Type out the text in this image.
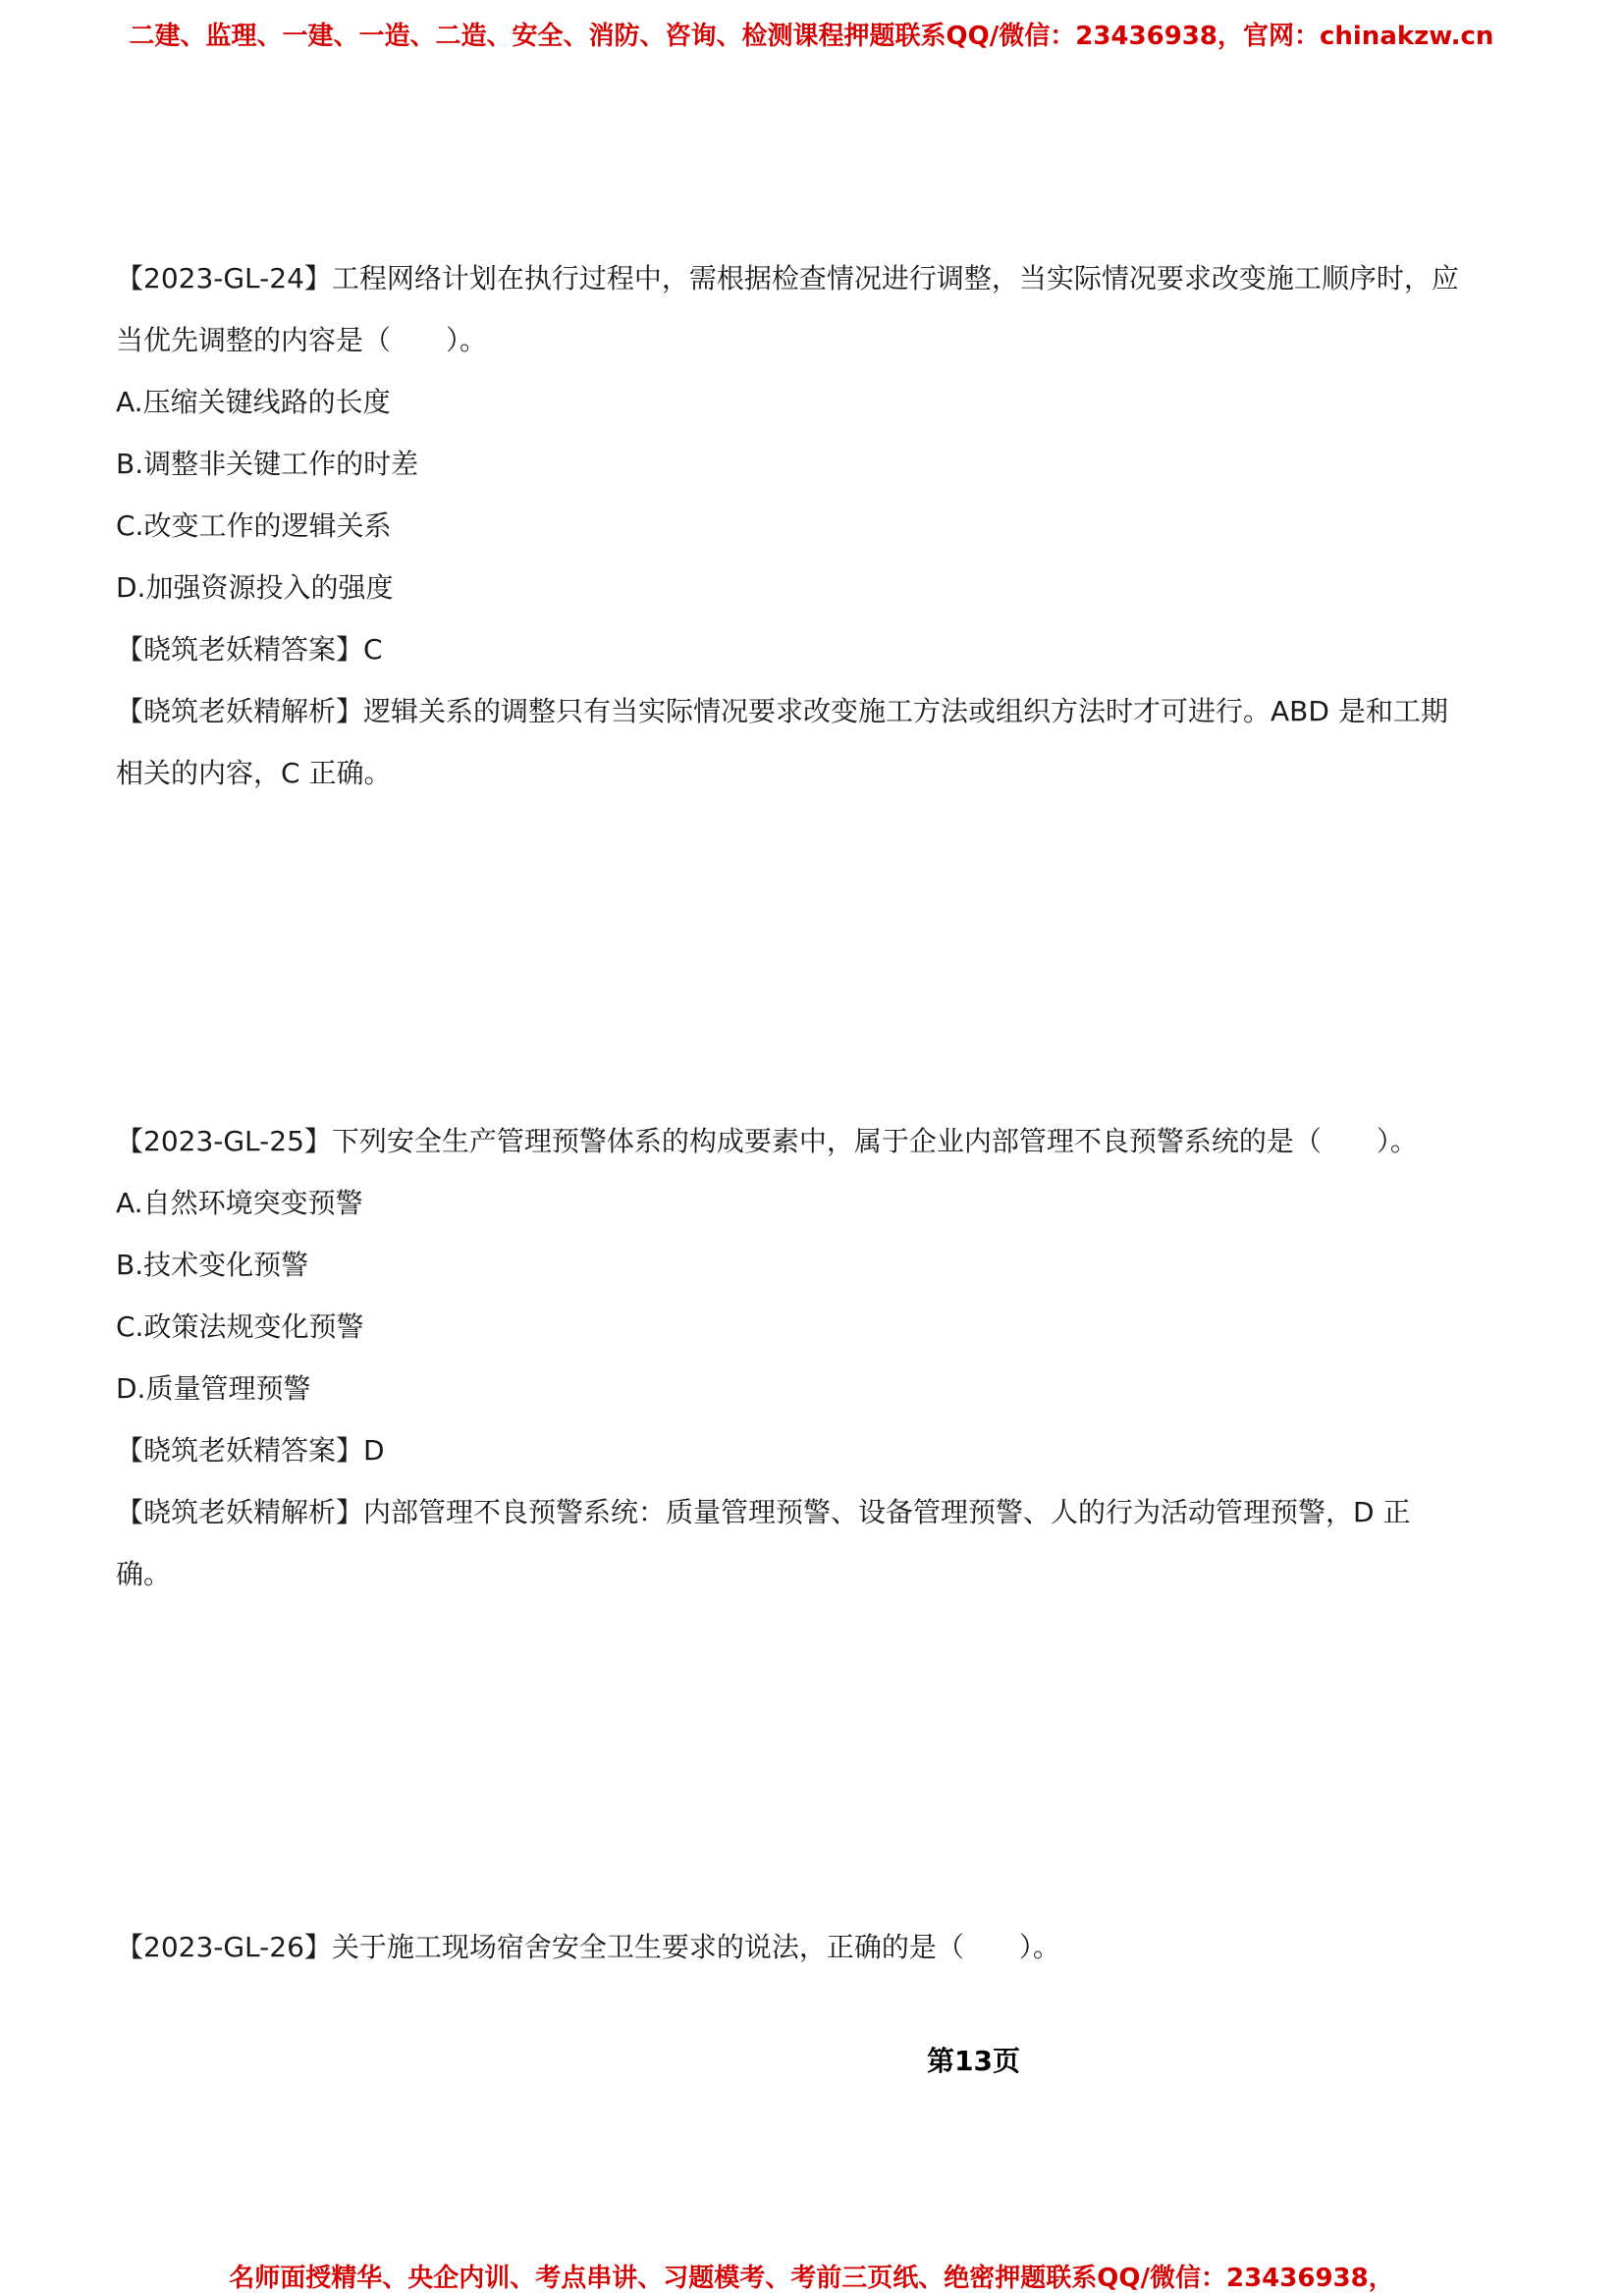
二建、监理、一建、一造、二造、安全、消防、咨询、检测课程押题联系QQ/微信：23436938，官网：chinakzw.cn
【2023-GL-24】工程网络计划在执行过程中，需根据检查情况进行调整，当实际情况要求改变施工顺序时，应
当优先调整的内容是（　　）。
A.压缩关键线路的长度
B.调整非关键工作的时差
C.改变工作的逻辑关系
D.加强资源投入的强度
【晓筑老妖精答案】C
【晓筑老妖精解析】逻辑关系的调整只有当实际情况要求改变施工方法或组织方法时才可进行。ABD 是和工期
相关的内容，C 正确。
【2023-GL-25】下列安全生产管理预警体系的构成要素中，属于企业内部管理不良预警系统的是（　　）。
A.自然环境突变预警
B.技术变化预警
C.政策法规变化预警
D.质量管理预警
【晓筑老妖精答案】D
【晓筑老妖精解析】内部管理不良预警系统：质量管理预警、设备管理预警、人的行为活动管理预警，D 正
确。
【2023-GL-26】关于施工现场宿舍安全卫生要求的说法，正确的是（　　）。
第13页
名师面授精华、央企内训、考点串讲、习题模考、考前三页纸、绝密押题联系QQ/微信：23436938，
